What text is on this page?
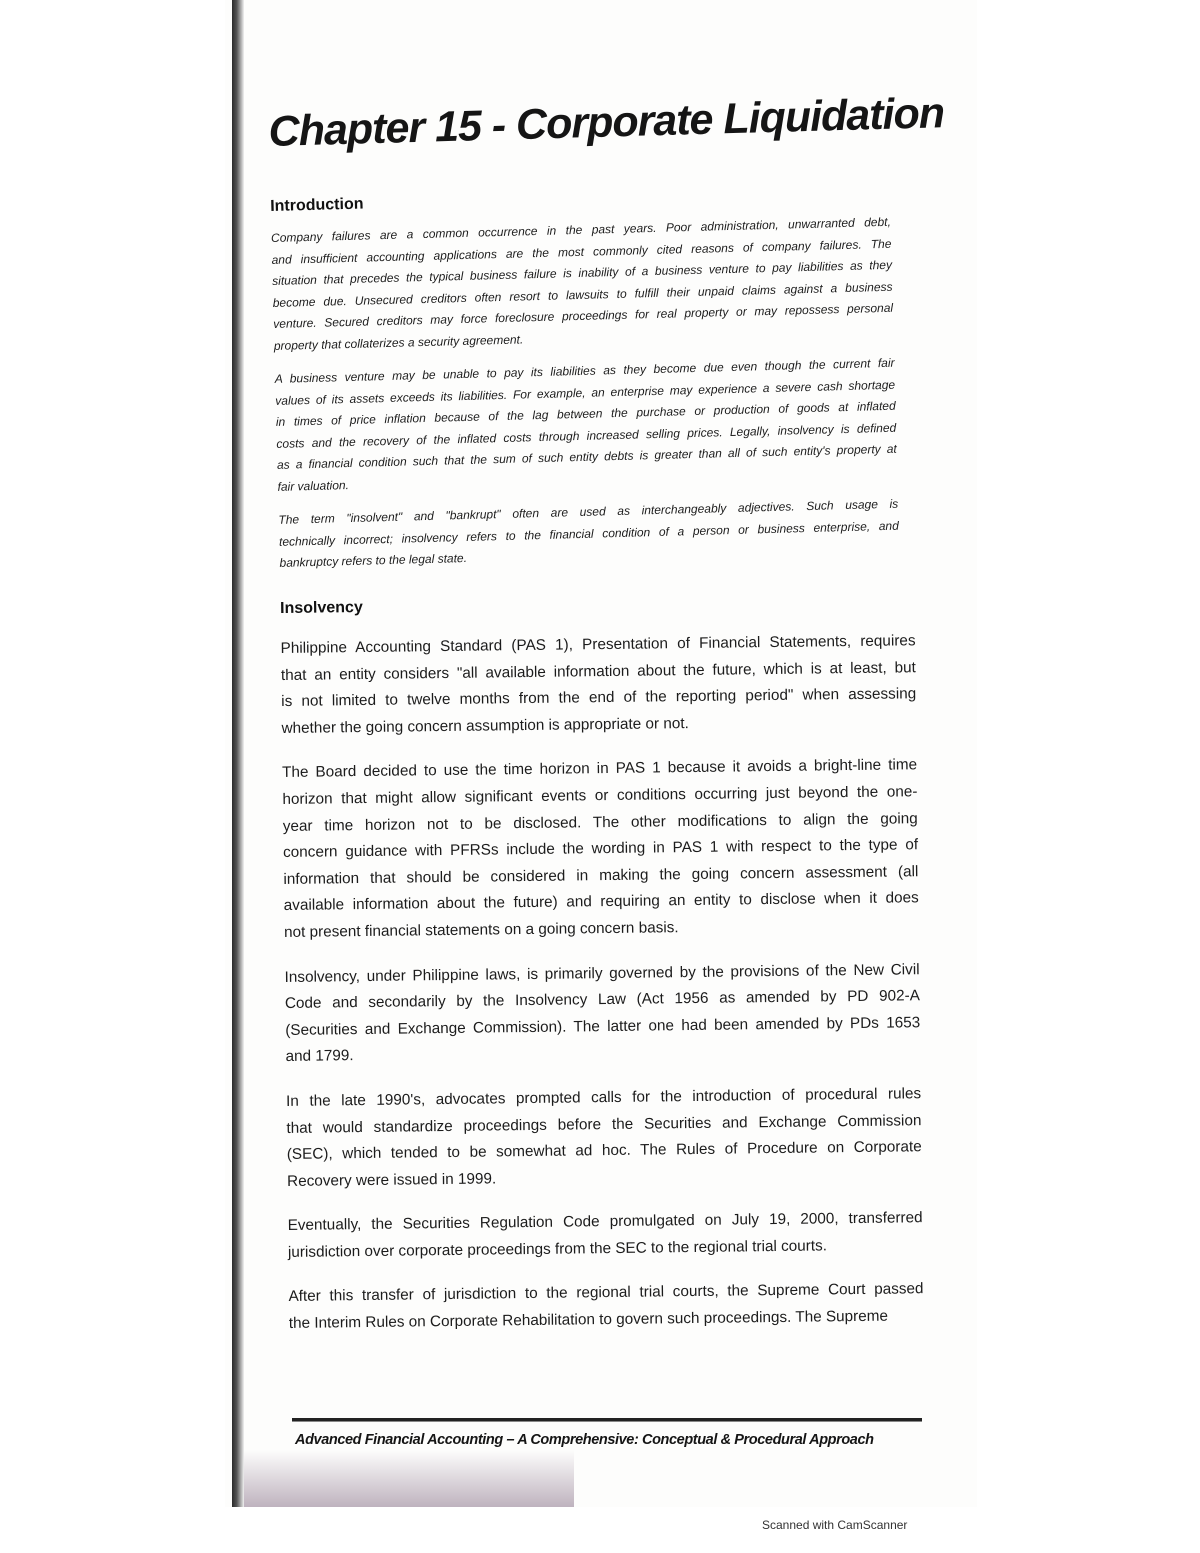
Chapter 15 - Corporate Liquidation
Introduction
Company failures are a common occurrence in the past years. Poor administration, unwarranted debt,
and insufficient accounting applications are the most commonly cited reasons of company failures. The
situation that precedes the typical business failure is inability of a business venture to pay liabilities as they
become due. Unsecured creditors often resort to lawsuits to fulfill their unpaid claims against a business
venture. Secured creditors may force foreclosure proceedings for real property or may repossess personal
property that collaterizes a security agreement.
A business venture may be unable to pay its liabilities as they become due even though the current fair
values of its assets exceeds its liabilities. For example, an enterprise may experience a severe cash shortage
in times of price inflation because of the lag between the purchase or production of goods at inflated
costs and the recovery of the inflated costs through increased selling prices. Legally, insolvency is defined
as a financial condition such that the sum of such entity debts is greater than all of such entity's property at
fair valuation.
The term "insolvent" and "bankrupt" often are used as interchangeably adjectives. Such usage is
technically incorrect; insolvency refers to the financial condition of a person or business enterprise, and
bankruptcy refers to the legal state.
Insolvency
Philippine Accounting Standard (PAS 1), Presentation of Financial Statements, requires
that an entity considers "all available information about the future, which is at least, but
is not limited to twelve months from the end of the reporting period" when assessing
whether the going concern assumption is appropriate or not.
The Board decided to use the time horizon in PAS 1 because it avoids a bright-line time
horizon that might allow significant events or conditions occurring just beyond the one-
year time horizon not to be disclosed. The other modifications to align the going
concern guidance with PFRSs include the wording in PAS 1 with respect to the type of
information that should be considered in making the going concern assessment (all
available information about the future) and requiring an entity to disclose when it does
not present financial statements on a going concern basis.
Insolvency, under Philippine laws, is primarily governed by the provisions of the New Civil
Code and secondarily by the Insolvency Law (Act 1956 as amended by PD 902-A
(Securities and Exchange Commission). The latter one had been amended by PDs 1653
and 1799.
In the late 1990's, advocates prompted calls for the introduction of procedural rules
that would standardize proceedings before the Securities and Exchange Commission
(SEC), which tended to be somewhat ad hoc. The Rules of Procedure on Corporate
Recovery were issued in 1999.
Eventually, the Securities Regulation Code promulgated on July 19, 2000, transferred
jurisdiction over corporate proceedings from the SEC to the regional trial courts.
After this transfer of jurisdiction to the regional trial courts, the Supreme Court passed
the Interim Rules on Corporate Rehabilitation to govern such proceedings. The Supreme
Advanced Financial Accounting – A Comprehensive: Conceptual & Procedural Approach
Scanned with CamScanner
